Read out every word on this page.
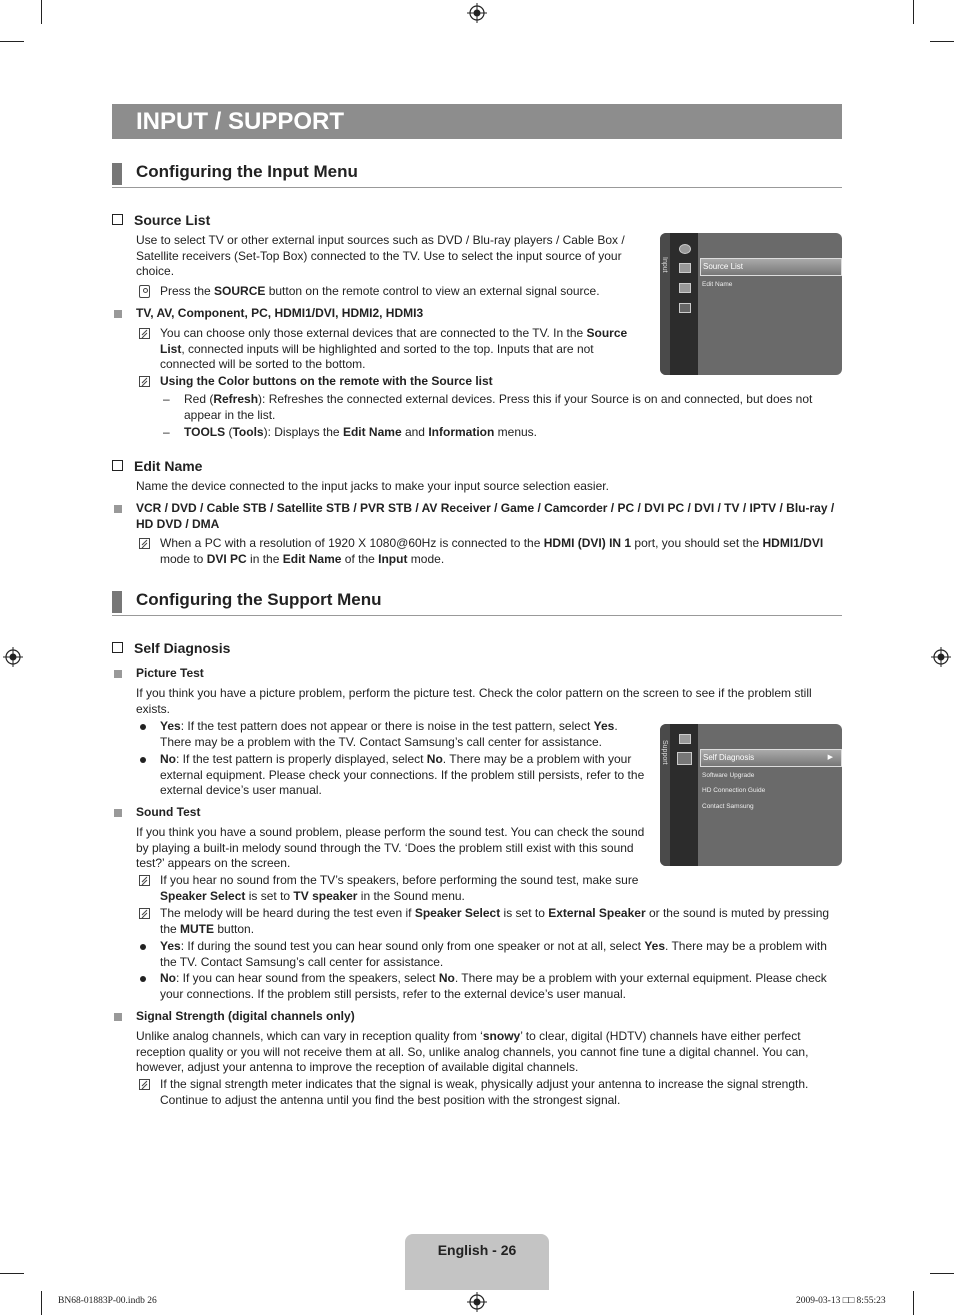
INPUT / SUPPORT
Configuring the Input Menu
Source List
Use to select TV or other external input sources such as DVD / Blu-ray players / Cable Box / Satellite receivers (Set-Top Box) connected to the TV. Use to select the input source of your choice.
Press the SOURCE button on the remote control to view an external signal source.
TV, AV, Component, PC, HDMI1/DVI, HDMI2, HDMI3
You can choose only those external devices that are connected to the TV. In the Source List, connected inputs will be highlighted and sorted to the top. Inputs that are not connected will be sorted to the bottom.
Using the Color buttons on the remote with the Source list
– Red (Refresh): Refreshes the connected external devices. Press this if your Source is on and connected, but does not appear in the list.
– TOOLS (Tools): Displays the Edit Name and Information menus.
Input	Source List
Edit Name
Edit Name
Name the device connected to the input jacks to make your input source selection easier.
VCR / DVD / Cable STB / Satellite STB / PVR STB / AV Receiver / Game / Camcorder / PC / DVI PC / DVI / TV / IPTV / Blu-ray / HD DVD / DMA
When a PC with a resolution of 1920 X 1080@60Hz is connected to the HDMI (DVI) IN 1 port, you should set the HDMI1/DVI mode to DVI PC in the Edit Name of the Input mode.
Configuring the Support Menu
Self Diagnosis
Picture Test
If you think you have a picture problem, perform the picture test. Check the color pattern on the screen to see if the problem still exists.
Yes: If the test pattern does not appear or there is noise in the test pattern, select Yes. There may be a problem with the TV. Contact Samsung’s call center for assistance.
No: If the test pattern is properly displayed, select No. There may be a problem with your external equipment. Please check your connections. If the problem still persists, refer to the external device’s user manual.
Sound Test
If you think you have a sound problem, please perform the sound test. You can check the sound by playing a built-in melody sound through the TV. ‘Does the problem still exist with this sound test?’ appears on the screen.
If you hear no sound from the TV’s speakers, before performing the sound test, make sure Speaker Select is set to TV speaker in the Sound menu.
The melody will be heard during the test even if Speaker Select is set to External Speaker or the sound is muted by pressing the MUTE button.
Yes: If during the sound test you can hear sound only from one speaker or not at all, select Yes. There may be a problem with the TV. Contact Samsung’s call center for assistance.
No: If you can hear sound from the speakers, select No. There may be a problem with your external equipment. Please check your connections. If the problem still persists, refer to the external device’s user manual.
Signal Strength (digital channels only)
Unlike analog channels, which can vary in reception quality from ‘snowy’ to clear, digital (HDTV) channels have either perfect reception quality or you will not receive them at all. So, unlike analog channels, you cannot fine tune a digital channel. You can, however, adjust your antenna to improve the reception of available digital channels.
If the signal strength meter indicates that the signal is weak, physically adjust your antenna to increase the signal strength. Continue to adjust the antenna until you find the best position with the strongest signal.
Support	Self Diagnosis	▶
Software Upgrade
HD Connection Guide
Contact Samsung
English - 26
BN68-01883P-00.indb 26	2009-03-13 □□ 8:55:23
